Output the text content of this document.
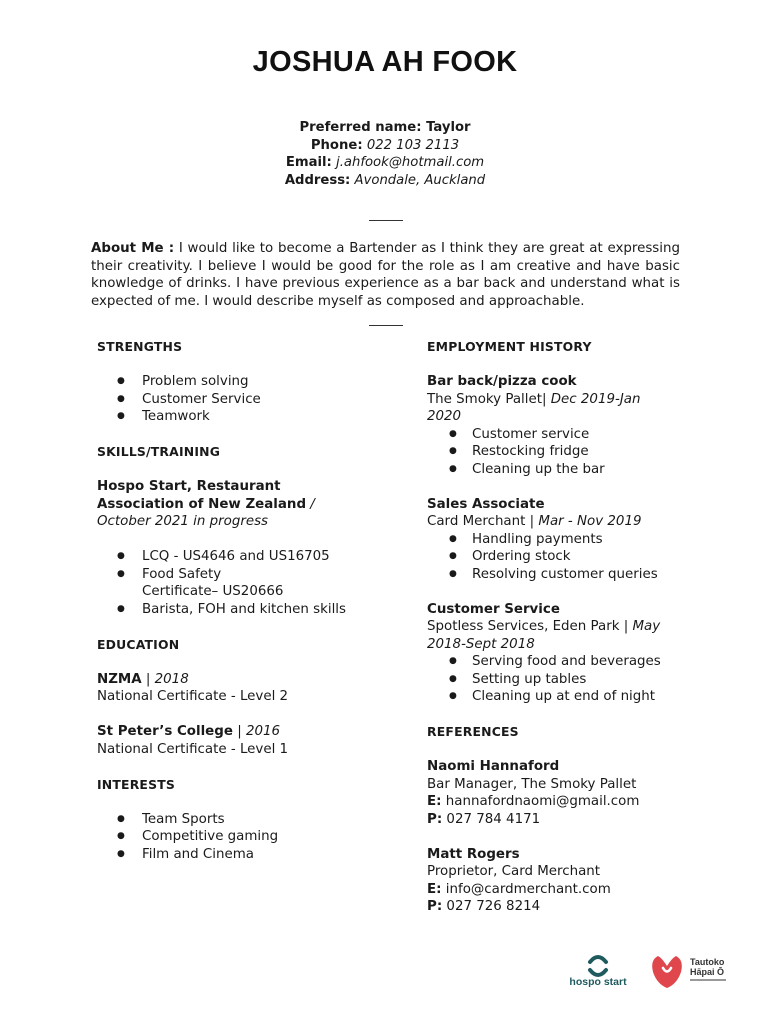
JOSHUA AH FOOK
Preferred name: Taylor
Phone: 022 103 2113
Email: j.ahfook@hotmail.com
Address: Avondale, Auckland
About Me : I would like to become a Bartender as I think they are great at expressing their creativity. I believe I would be good for the role as I am creative and have basic knowledge of drinks. I have previous experience as a bar back and understand what is expected of me. I would describe myself as composed and approachable.
STRENGTHS
● Problem solving
● Customer Service
● Teamwork
SKILLS/TRAINING
Hospo Start, Restaurant Association of New Zealand / October 2021 in progress
● LCQ - US4646 and US16705
● Food Safety Certificate– US20666
● Barista, FOH and kitchen skills
EDUCATION
NZMA | 2018
National Certificate - Level 2
St Peter’s College | 2016
National Certificate - Level 1
INTERESTS
● Team Sports
● Competitive gaming
● Film and Cinema
EMPLOYMENT HISTORY
Bar back/pizza cook
The Smoky Pallet| Dec 2019-Jan 2020
● Customer service
● Restocking fridge
● Cleaning up the bar
Sales Associate
Card Merchant | Mar - Nov 2019
● Handling payments
● Ordering stock
● Resolving customer queries
Customer Service
Spotless Services, Eden Park | May 2018-Sept 2018
● Serving food and beverages
● Setting up tables
● Cleaning up at end of night
REFERENCES
Naomi Hannaford
Bar Manager, The Smoky Pallet
E: hannafordnaomi@gmail.com
P: 027 784 4171
Matt Rogers
Proprietor, Card Merchant
E: info@cardmerchant.com
P: 027 726 8214
hospo start
Tautoko
Hāpai Ō
